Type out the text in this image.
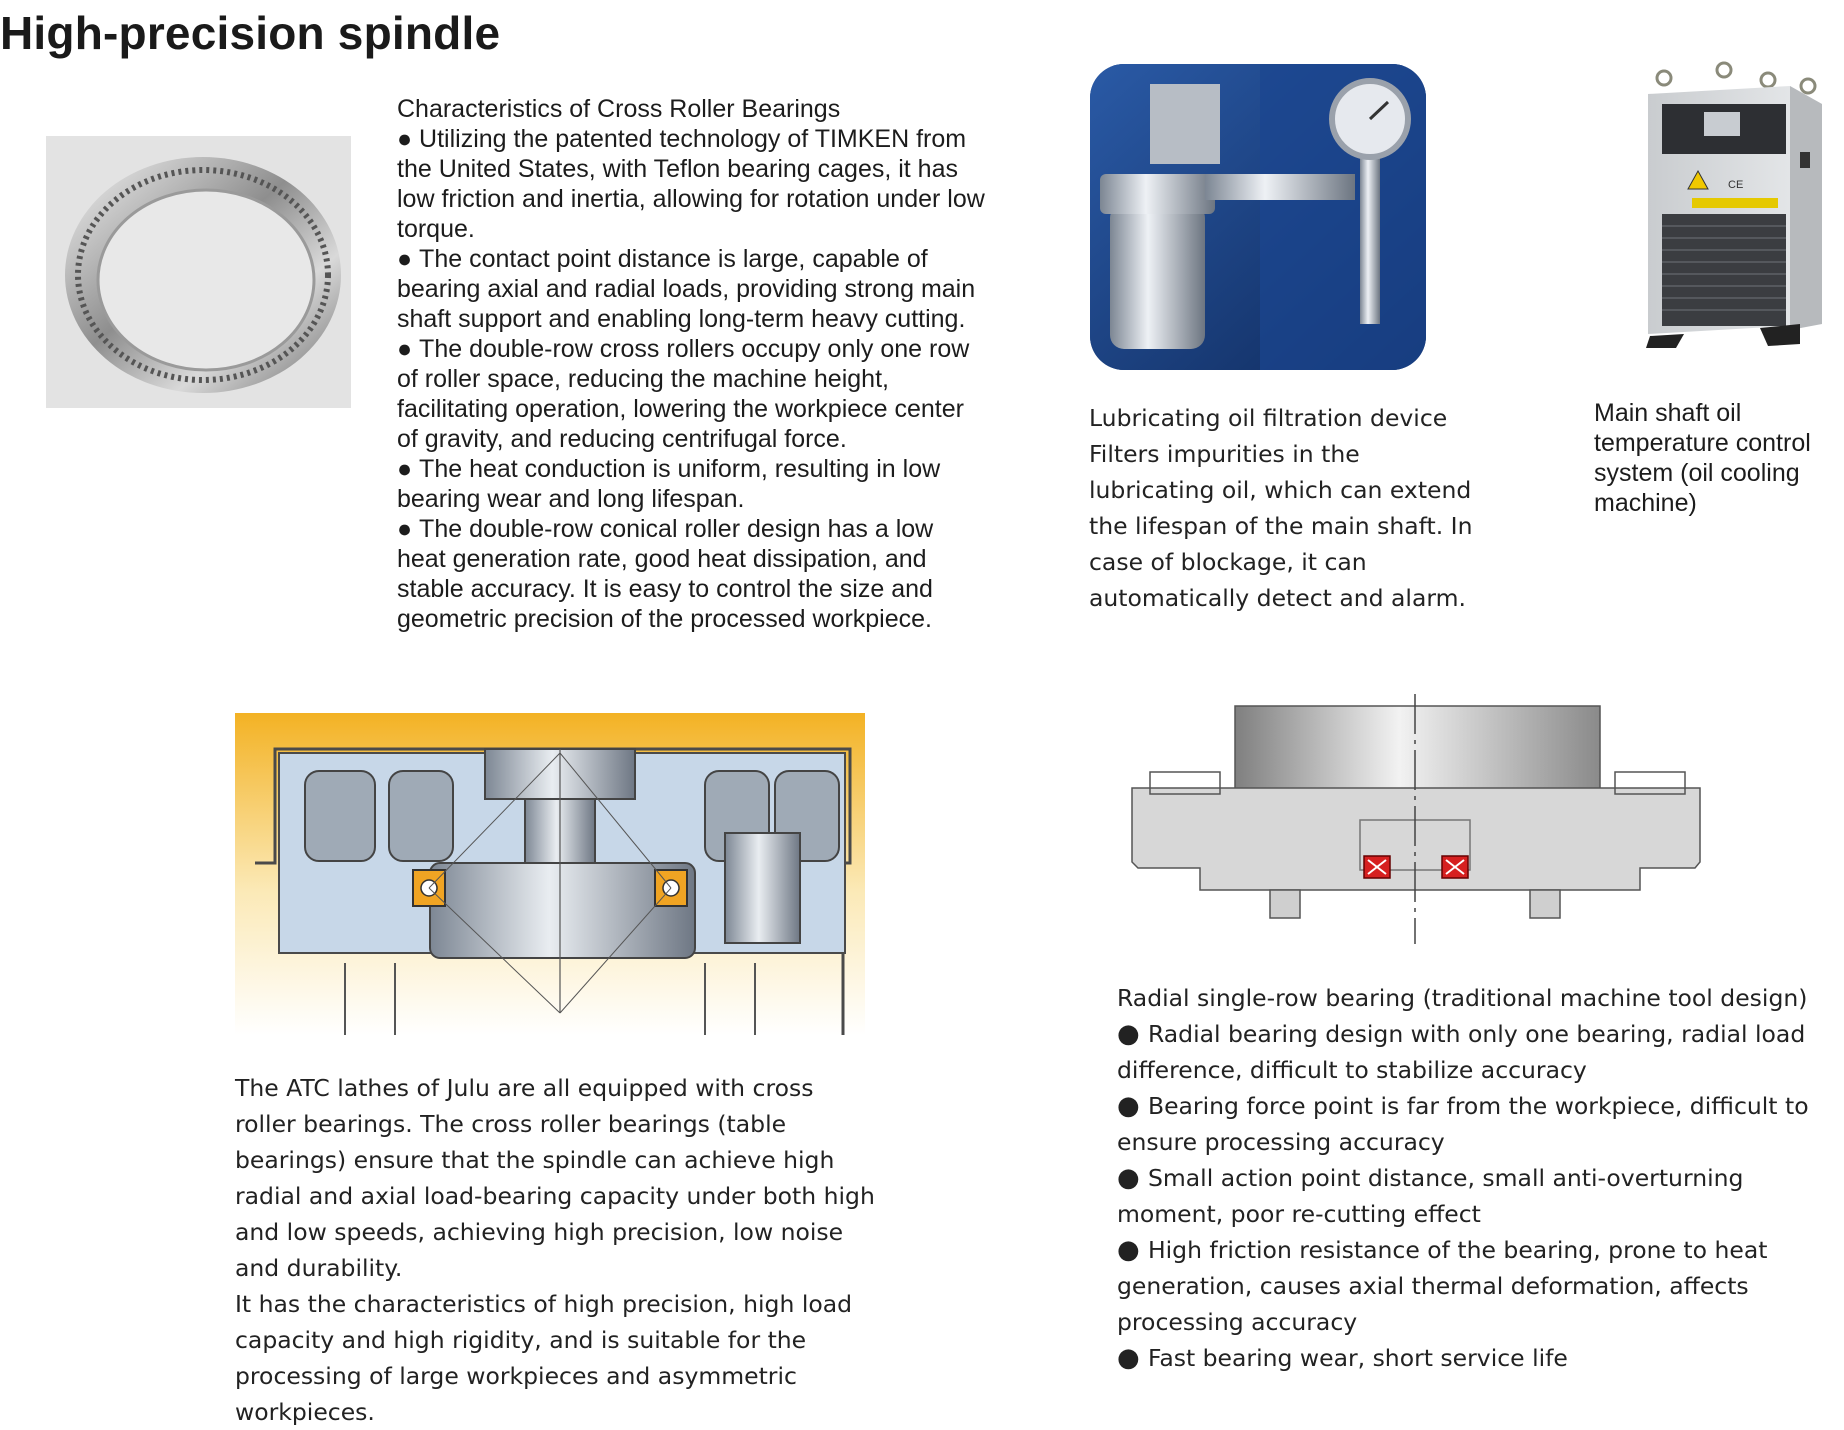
High-precision spindle

Characteristics of Cross Roller Bearings

● Utilizing the patented technology of TIMKEN from the United States, with Teflon bearing cages, it has low friction and inertia, allowing for rotation under low torque.

● The contact point distance is large, capable of bearing axial and radial loads, providing strong main shaft support and enabling long-term heavy cutting.

● The double-row cross rollers occupy only one row of roller space, reducing the machine height, facilitating operation, lowering the workpiece center of gravity, and reducing centrifugal force.

● The heat conduction is uniform, resulting in low bearing wear and long lifespan.

● The double-row conical roller design has a low heat generation rate, good heat dissipation, and stable accuracy. It is easy to control the size and geometric precision of the processed workpiece.

Lubricating oil filtration device

Filters impurities in the lubricating oil, which can extend the lifespan of the main shaft. In case of blockage, it can automatically detect and alarm.

CE
Main shaft oil temperature control system (oil cooling machine)

The ATC lathes of Julu are all equipped with cross roller bearings. The cross roller bearings (table bearings) ensure that the spindle can achieve high radial and axial load-bearing capacity under both high and low speeds, achieving high precision, low noise and durability.

It has the characteristics of high precision, high load capacity and high rigidity, and is suitable for the processing of large workpieces and asymmetric workpieces.

Radial single-row bearing (traditional machine tool design)

● Radial bearing design with only one bearing, radial load difference, difficult to stabilize accuracy

● Bearing force point is far from the workpiece, difficult to ensure processing accuracy

● Small action point distance, small anti-overturning moment, poor re-cutting effect

● High friction resistance of the bearing, prone to heat generation, causes axial thermal deformation, affects processing accuracy

● Fast bearing wear, short service life
